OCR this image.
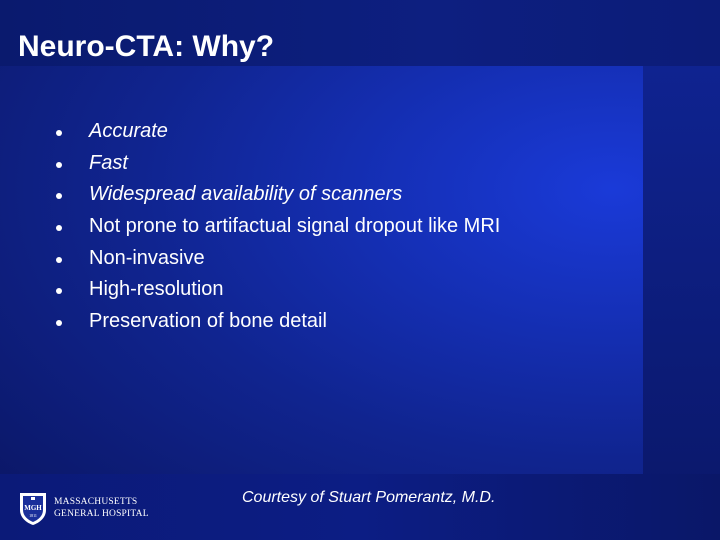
Neuro-CTA: Why?
Accurate
Fast
Widespread availability of scanners
Not prone to artifactual signal dropout like MRI
Non-invasive
High-resolution
Preservation of bone detail
MGH
1811
MASSACHUSETTS
GENERAL HOSPITAL
Courtesy of Stuart Pomerantz, M.D.
